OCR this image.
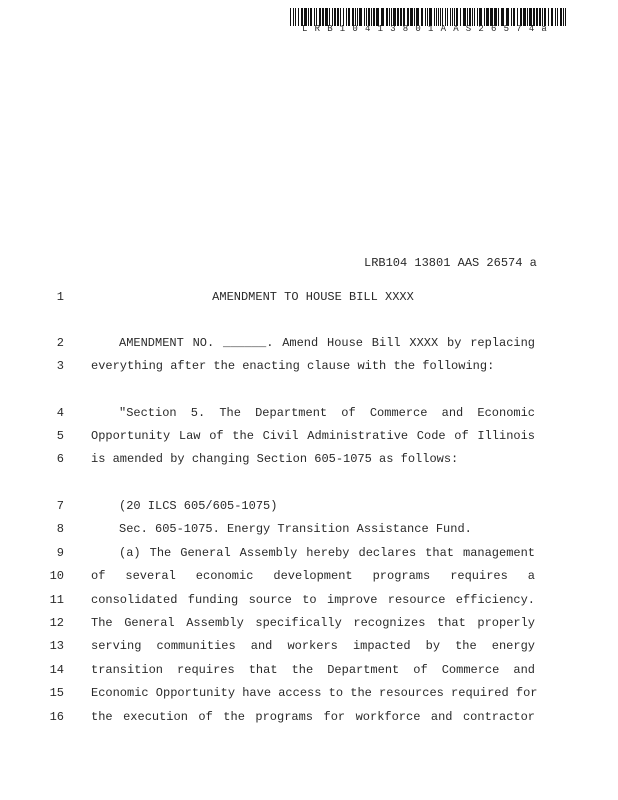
LRB10413801AAS26574a
LRB104 13801 AAS 26574 a
1	AMENDMENT TO HOUSE BILL XXXX
2	AMENDMENT NO. ______. Amend House Bill XXXX by replacing
3 everything after the enacting clause with the following:
4	"Section 5. The Department of Commerce and Economic
5 Opportunity Law of the Civil Administrative Code of Illinois
6 is amended by changing Section 605-1075 as follows:
7	(20 ILCS 605/605-1075)
8	Sec. 605-1075. Energy Transition Assistance Fund.
9	(a) The General Assembly hereby declares that management
10 of several economic development programs requires a
11 consolidated funding source to improve resource efficiency.
12 The General Assembly specifically recognizes that properly
13 serving communities and workers impacted by the energy
14 transition requires that the Department of Commerce and
15 Economic Opportunity have access to the resources required for
16 the execution of the programs for workforce and contractor
